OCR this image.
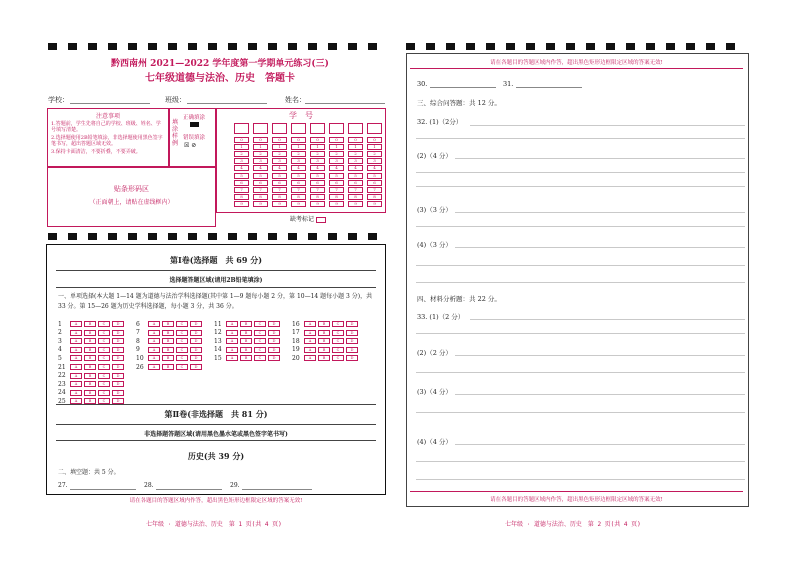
黔西南州 2021—2022 学年度第一学期单元练习(三)
七年级道德与法治、历史　答题卡
学校：	班级：	姓名：
注意事项
1.答题前，学生先将自己的学校、班级、姓名、学号填写清楚。
2.选择题使用2B铅笔填涂，非选择题使用黑色签字笔书写，超出答题区域无效。
3.保持卡面清洁，不要折叠，不要弄破。
填涂样例
正确填涂
错误填涂
☒ ⊘
学　号
0	0	0	0	0	0	0	0
1	1	1	1	1	1	1	1
2	2	2	2	2	2	2	2
3	3	3	3	3	3	3	3
4	4	4	4	4	4	4	4
5	5	5	5	5	5	5	5
6	6	6	6	6	6	6	6
7	7	7	7	7	7	7	7
8	8	8	8	8	8	8	8
9	9	9	9	9	9	9	9
缺考标记
贴条形码区
（正面朝上，请贴在虚线框内）
第Ⅰ卷(选择题　共 69 分)
选择题答题区域(请用2B铅笔填涂)
一、单项选择(本大题 1—14 题为道德与法治学科选择题(其中第 1—9 题每小题 2 分，第 10—14 题每小题 3 分)，共 33 分。第 15—26 题为历史学科选择题，每小题 3 分，共 36 分。
1	A	B	C	D
2	A	B	C	D
3	A	B	C	D
4	A	B	C	D
5	A	B	C	D
6	A	B	C	D
7	A	B	C	D
8	A	B	C	D
9	A	B	C	D
10	A	B	C	D
11	A	B	C	D
12	A	B	C	D
13	A	B	C	D
14	A	B	C	D
15	A	B	C	D
16	A	B	C	D
17	A	B	C	D
18	A	B	C	D
19	A	B	C	D
20	A	B	C	D
21	A	B	C	D
22	A	B	C	D
23	A	B	C	D
24	A	B	C	D
25	A	B	C	D
26	A	B	C	D
第Ⅱ卷(非选择题　共 81 分)
非选择题答题区域(请用黑色墨水笔或黑色签字笔书写)
历史(共 39 分)
二、填空题：共 5 分。
27.	28.	29.
请在各题目的答题区域内作答，超出黑色矩形边框限定区域的答案无效!
七年级 · 道德与法治、历史　第 1 页(共 4 页)
请在各题目的答题区域内作答，超出黑色矩形边框限定区域的答案无效!
30.	31.
三、综合问答题：共 12 分。
32. (1)（2分）
(2)（4 分）
(3)（3 分）
(4)（3 分）
四、材料分析题：共 22 分。
33. (1)（2 分）
(2)（2 分）
(3)（4 分）
(4)（4 分）
请在各题目的答题区域内作答，超出黑色矩形边框限定区域的答案无效!
七年级 · 道德与法治、历史　第 2 页(共 4 页)
